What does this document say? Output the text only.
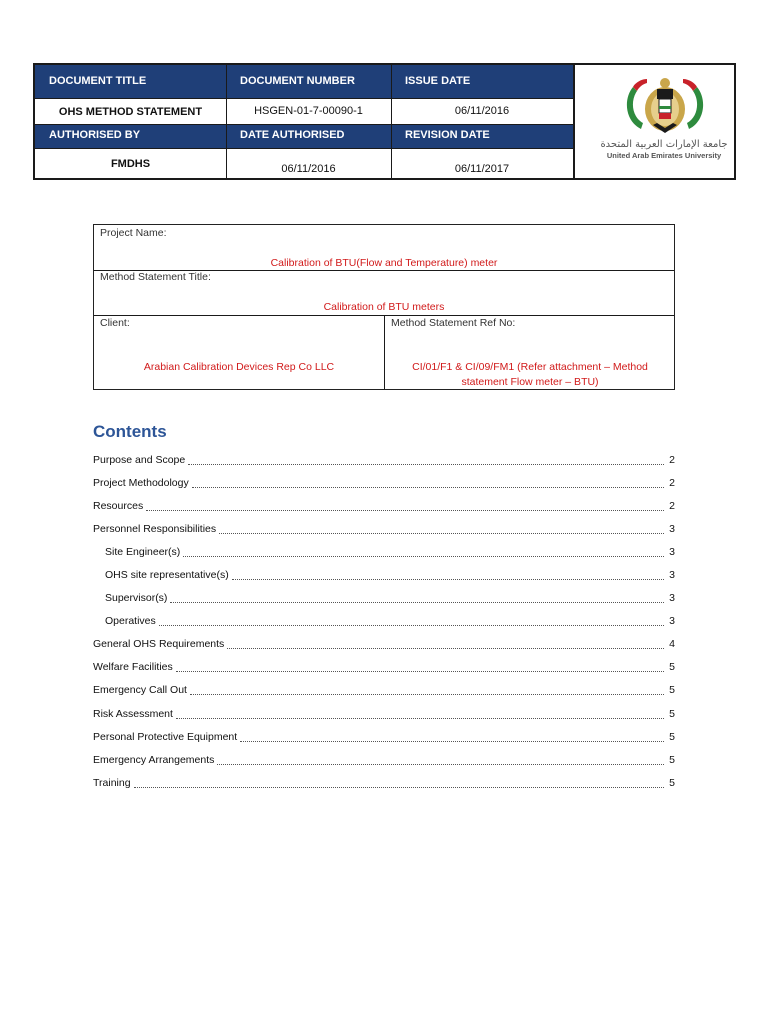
DOCUMENT TITLE	DOCUMENT NUMBER	ISSUE DATE
OHS METHOD STATEMENT	HSGEN-01-7-00090-1	06/11/2016
AUTHORISED BY	DATE AUTHORISED	REVISION DATE
FMDHS	06/11/2016	06/11/2017
جامعة الإمارات العربية المتحدة
United Arab Emirates University
Project Name:
Calibration of BTU(Flow and Temperature) meter
Method Statement Title:
Calibration of BTU meters
Client:
Arabian Calibration Devices Rep Co LLC
Method Statement Ref No:
CI/01/F1 & CI/09/FM1 (Refer attachment – Method
statement Flow meter – BTU)
Contents
Purpose and Scope	2
Project Methodology	2
Resources	2
Personnel Responsibilities	3
Site Engineer(s)	3
OHS site representative(s)	3
Supervisor(s)	3
Operatives	3
General OHS Requirements	4
Welfare Facilities	5
Emergency Call Out	5
Risk Assessment	5
Personal Protective Equipment	5
Emergency Arrangements	5
Training	5
